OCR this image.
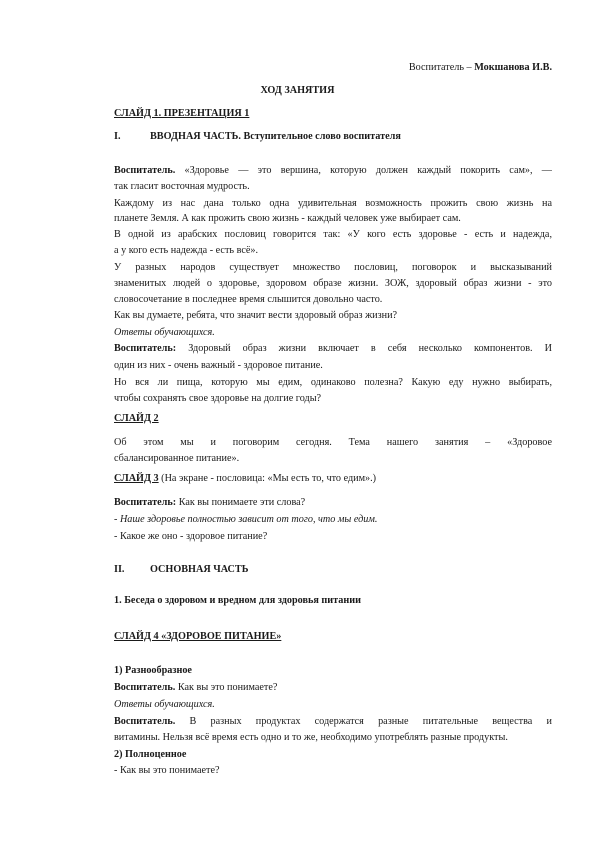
Воспитатель – Мокшанова И.В.
ХОД ЗАНЯТИЯ
СЛАЙД 1. ПРЕЗЕНТАЦИЯ 1
I.	ВВОДНАЯ ЧАСТЬ. Вступительное слово воспитателя
Воспитатель. «Здоровье — это вершина, которую должен каждый покорить сам», —
так гласит восточная мудрость.
Каждому из нас дана только одна удивительная возможность прожить свою жизнь на
планете Земля. А как прожить свою жизнь - каждый человек уже выбирает сам.
В одной из арабских пословиц говорится так: «У кого есть здоровье - есть и надежда,
а у кого есть надежда - есть всё».
У разных народов существует множество пословиц, поговорок и высказываний
знаменитых людей о здоровье, здоровом образе жизни. ЗОЖ, здоровый образ жизни - это
словосочетание в последнее время слышится довольно часто.
Как вы думаете, ребята, что значит вести здоровый образ жизни?
Ответы обучающихся.
Воспитатель: Здоровый образ жизни включает в себя несколько компонентов. И
один из них - очень важный - здоровое питание.
Но вся ли пища, которую мы едим, одинаково полезна? Какую еду нужно выбирать,
чтобы сохранять свое здоровье на долгие годы?
СЛАЙД 2
Об этом мы и поговорим сегодня. Тема нашего занятия – «Здоровое
сбалансированное питание».
СЛАЙД 3 (На экране - пословица: «Мы есть то, что едим».)
Воспитатель: Как вы понимаете эти слова?
- Наше здоровье полностью зависит от того, что мы едим.
- Какое же оно - здоровое питание?
II.	ОСНОВНАЯ ЧАСТЬ
1. Беседа о здоровом и вредном для здоровья питании
СЛАЙД 4 «ЗДОРОВОЕ ПИТАНИЕ»
1) Разнообразное
Воспитатель. Как вы это понимаете?
Ответы обучающихся.
Воспитатель. В разных продуктах содержатся разные питательные вещества и
витамины. Нельзя всё время есть одно и то же, необходимо употреблять разные продукты.
2) Полноценное
- Как вы это понимаете?
